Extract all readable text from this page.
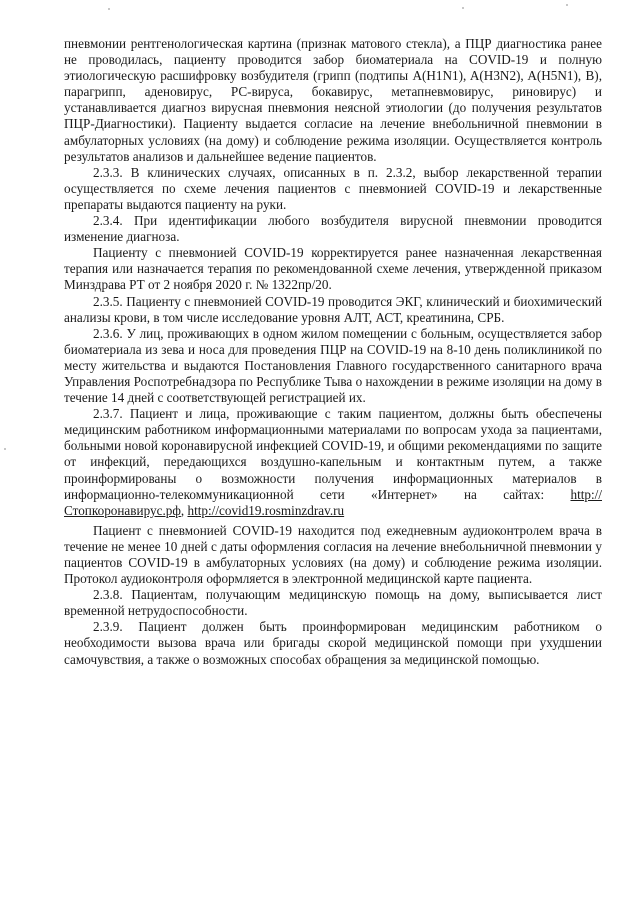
пневмонии рентгенологическая картина (признак матового стекла), а ПЦР диагностика ранее не проводилась, пациенту проводится забор биоматериала на COVID-19 и полную этиологическую расшифровку возбудителя (грипп (подтипы A(H1N1), A(H3N2), A(H5N1), B), парагрипп, аденовирус, РС-вируса, бокавирус, метапневмовирус, риновирус) и устанавливается диагноз вирусная пневмония неясной этиологии (до получения результатов ПЦР-Диагностики). Пациенту выдается согласие на лечение внебольничной пневмонии в амбулаторных условиях (на дому) и соблюдение режима изоляции. Осуществляется контроль результатов анализов и дальнейшее ведение пациентов.

2.3.3. В клинических случаях, описанных в п. 2.3.2, выбор лекарственной терапии осуществляется по схеме лечения пациентов с пневмонией COVID-19 и лекарственные препараты выдаются пациенту на руки.

2.3.4. При идентификации любого возбудителя вирусной пневмонии проводится изменение диагноза.

Пациенту с пневмонией COVID-19 корректируется ранее назначенная лекарственная терапия или назначается терапия по рекомендованной схеме лечения, утвержденной приказом Минздрава РТ от 2 ноября 2020 г. № 1322пр/20.

2.3.5. Пациенту с пневмонией COVID-19 проводится ЭКГ, клинический и биохимический анализы крови, в том числе исследование уровня АЛТ, АСТ, креатинина, СРБ.

2.3.6. У лиц, проживающих в одном жилом помещении с больным, осуществляется забор биоматериала из зева и носа для проведения ПЦР на COVID-19 на 8-10 день поликлиникой по месту жительства и выдаются Постановления Главного государственного санитарного врача Управления Роспотребнадзора по Республике Тыва о нахождении в режиме изоляции на дому в течение 14 дней с соответствующей регистрацией их.

2.3.7. Пациент и лица, проживающие с таким пациентом, должны быть обеспечены медицинским работником информационными материалами по вопросам ухода за пациентами, больными новой коронавирусной инфекцией COVID-19, и общими рекомендациями по защите от инфекций, передающихся воздушно-капельным и контактным путем, а также проинформированы о возможности получения информационных материалов в информационно-телекоммуникационной сети «Интернет» на сайтах: http://Стопкоронавирус.рф, http://covid19.rosminzdrav.ru

Пациент с пневмонией COVID-19 находится под ежедневным аудиоконтролем врача в течение не менее 10 дней с даты оформления согласия на лечение внебольничной пневмонии у пациентов COVID-19 в амбулаторных условиях (на дому) и соблюдение режима изоляции. Протокол аудиоконтроля оформляется в электронной медицинской карте пациента.

2.3.8. Пациентам, получающим медицинскую помощь на дому, выписывается лист временной нетрудоспособности.

2.3.9. Пациент должен быть проинформирован медицинским работником о необходимости вызова врача или бригады скорой медицинской помощи при ухудшении самочувствия, а также о возможных способах обращения за медицинской помощью.
